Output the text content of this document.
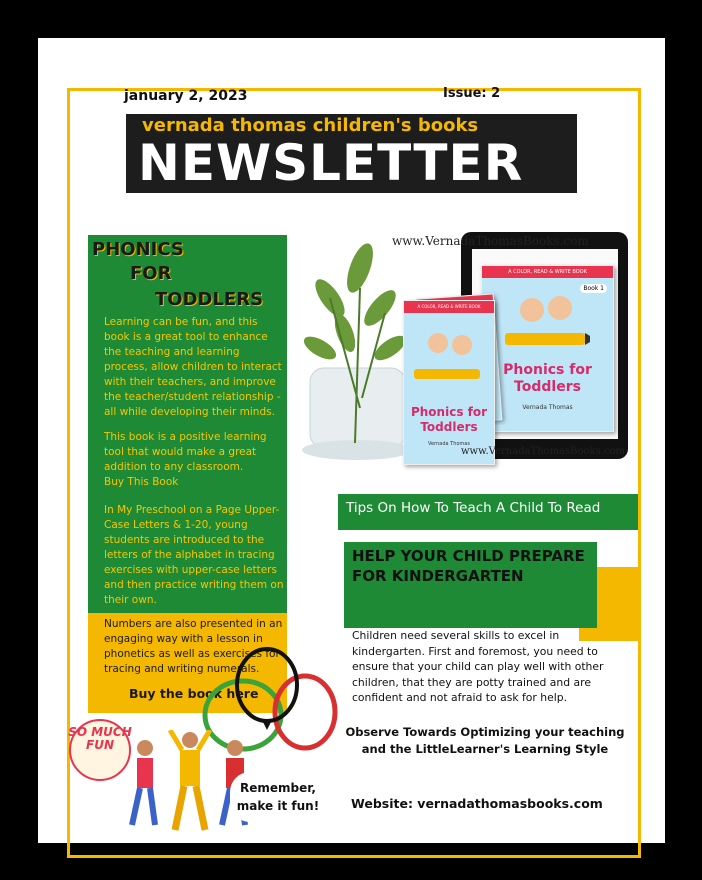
january 2, 2023	Issue: 2
vernada thomas children's books
NEWSLETTER
PHONICS
FOR
TODDLERS
Learning can be fun, and this book is a great tool to enhance the teaching and learning process, allow children to interact with their teachers, and improve the teacher/student relationship - all while developing their minds.
This book is a positive learning tool that would make a great addition to any classroom.
Buy This Book
In My Preschool on a Page Upper-Case Letters & 1-20, young students are introduced to the letters of the alphabet in tracing exercises with upper-case letters and then practice writing them on their own.
Numbers are also presented in an engaging way with a lesson in phonetics as well as exercises for tracing and writing numerals.
Buy the book here
www.VernadaThomasBooks.com
A COLOR, READ & WRITE BOOK
Book 1
Phonics for
Toddlers
Vernada Thomas
A COLOR, READ & WRITE BOOK
Phonics for
Toddlers
Vernada Thomas
www.VernadaThomasBooks.com
Tips On How To Teach A Child To Read
HELP YOUR CHILD PREPARE FOR KINDERGARTEN
Children need several skills to excel in kindergarten. First and foremost, you need to ensure that your child can play well with other children, that they are potty trained and are confident and not afraid to ask for help.
Observe Towards Optimizing your teaching and the LittleLearner's Learning Style
Website: vernadathomasbooks.com
SO MUCH FUN
Remember, make it fun!
